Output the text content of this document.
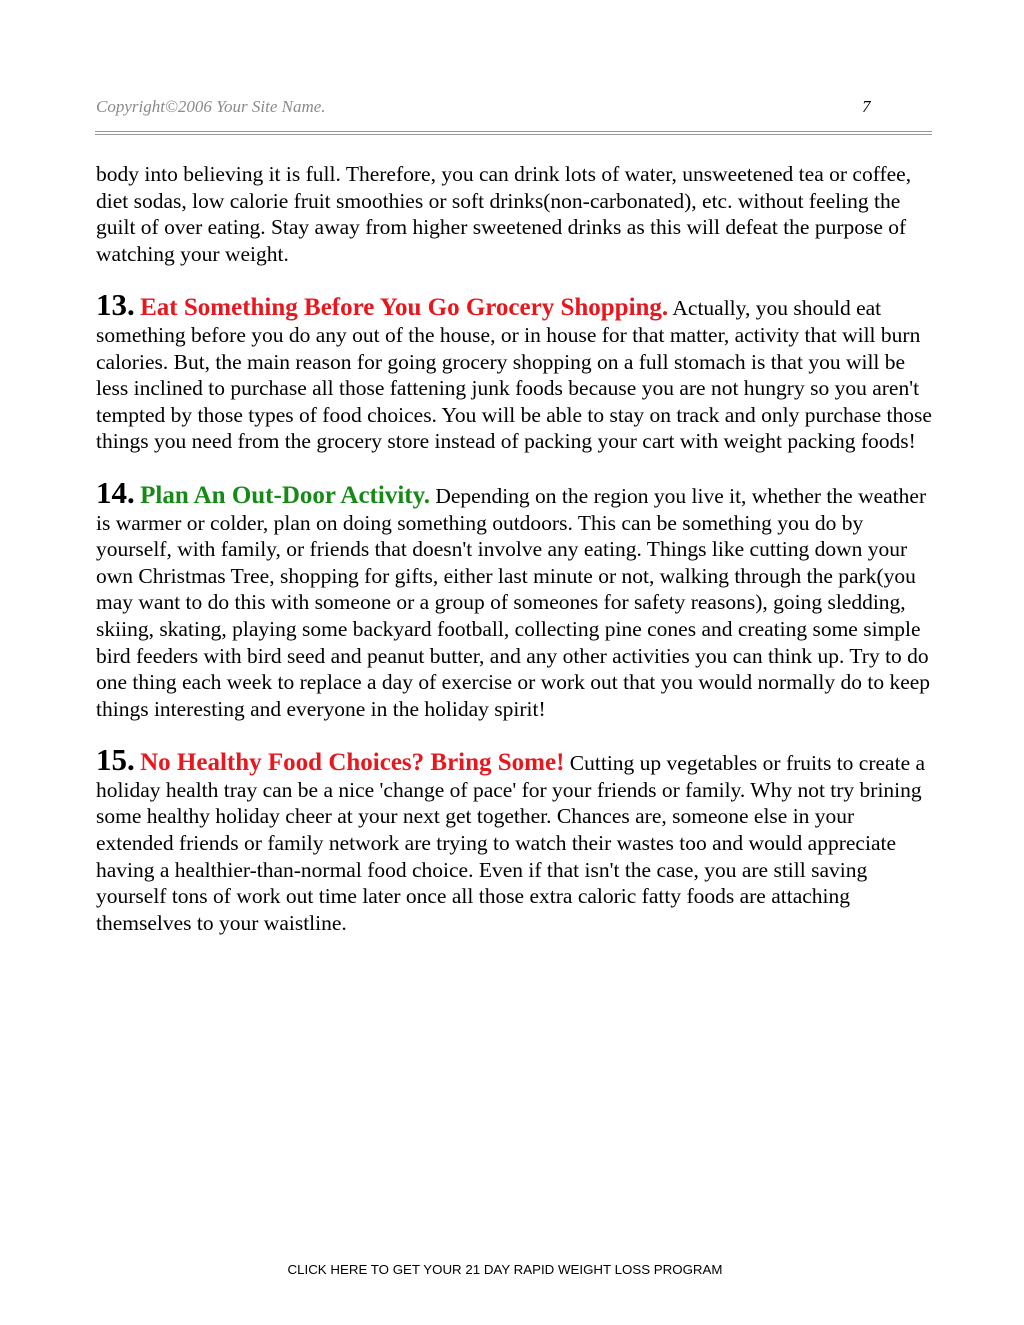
Copyright©2006 Your Site Name.	7

body into believing it is full. Therefore, you can drink lots of water, unsweetened tea or coffee, diet sodas, low calorie fruit smoothies or soft drinks(non-carbonated), etc. without feeling the guilt of over eating. Stay away from higher sweetened drinks as this will defeat the purpose of watching your weight.

13. Eat Something Before You Go Grocery Shopping. Actually, you should eat something before you do any out of the house, or in house for that matter, activity that will burn calories. But, the main reason for going grocery shopping on a full stomach is that you will be less inclined to purchase all those fattening junk foods because you are not hungry so you aren't tempted by those types of food choices. You will be able to stay on track and only purchase those things you need from the grocery store instead of packing your cart with weight packing foods!

14. Plan An Out-Door Activity. Depending on the region you live it, whether the weather is warmer or colder, plan on doing something outdoors. This can be something you do by yourself, with family, or friends that doesn't involve any eating. Things like cutting down your own Christmas Tree, shopping for gifts, either last minute or not, walking through the park(you may want to do this with someone or a group of someones for safety reasons), going sledding, skiing, skating, playing some backyard football, collecting pine cones and creating some simple bird feeders with bird seed and peanut butter, and any other activities you can think up. Try to do one thing each week to replace a day of exercise or work out that you would normally do to keep things interesting and everyone in the holiday spirit!

15. No Healthy Food Choices? Bring Some! Cutting up vegetables or fruits to create a holiday health tray can be a nice 'change of pace' for your friends or family. Why not try brining some healthy holiday cheer at your next get together. Chances are, someone else in your extended friends or family network are trying to watch their wastes too and would appreciate having a healthier-than-normal food choice. Even if that isn't the case, you are still saving yourself tons of work out time later once all those extra caloric fatty foods are attaching themselves to your waistline.

CLICK HERE TO GET YOUR 21 DAY RAPID WEIGHT LOSS PROGRAM
